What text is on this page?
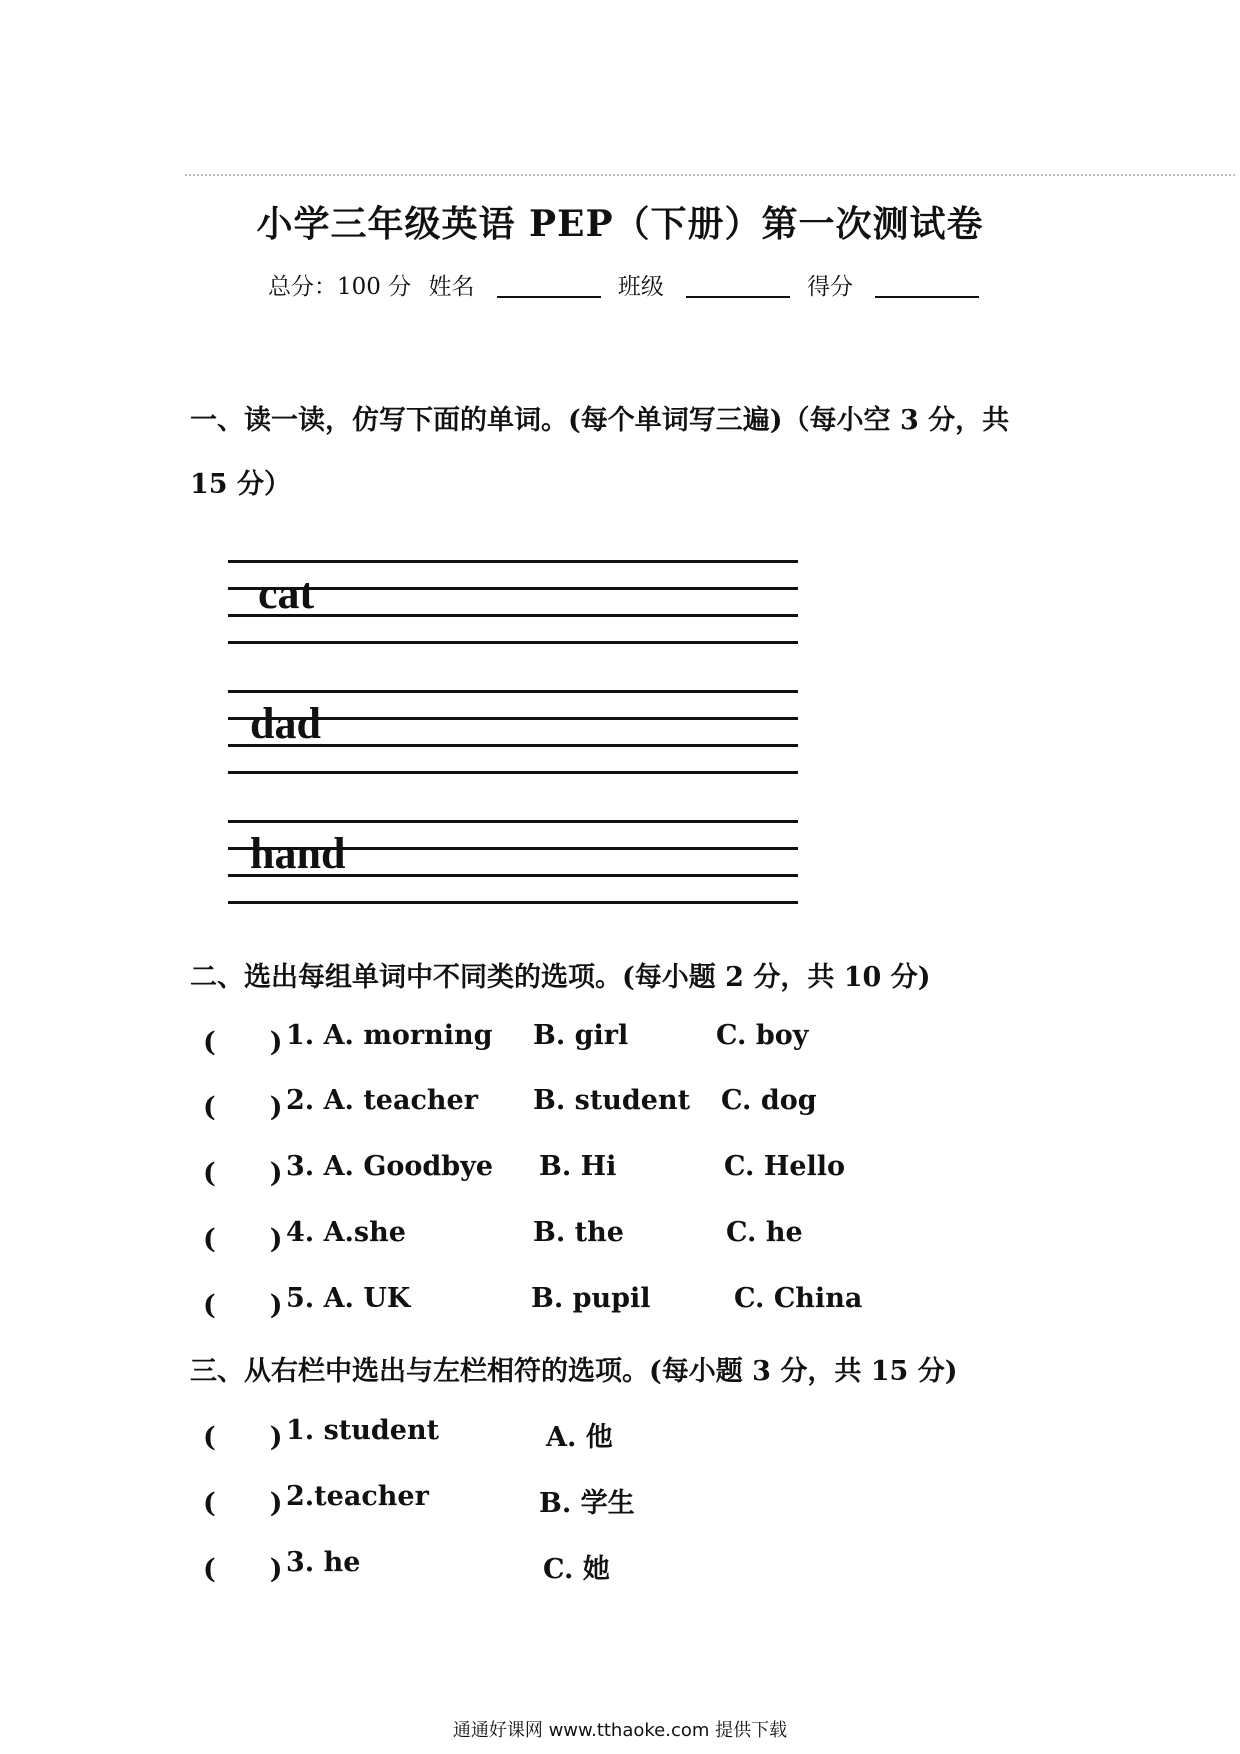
小学三年级英语 PEP（下册）第一次测试卷
总分：100 分 姓名	班级	得分
一、读一读，仿写下面的单词。(每个单词写三遍)（每小空 3 分，共
15 分）
cat
dad
hand
二、选出每组单词中不同类的选项。(每小题 2 分，共 10 分)
(　　) 1. A. morning B. girl	C. boy
(　　) 2. A. teacher B. student C. dog
(　　) 3. A. Goodbye B. Hi	C. Hello
(　　) 4. A.she	B. the	C. he
(　　) 5. A. UK	B. pupil	C. China
三、从右栏中选出与左栏相符的选项。(每小题 3 分，共 15 分)
(　　) 1. student	A. 他
(　　) 2.teacher	B. 学生
(　　) 3. he	C. 她
通通好课网 www.tthaoke.com 提供下载
